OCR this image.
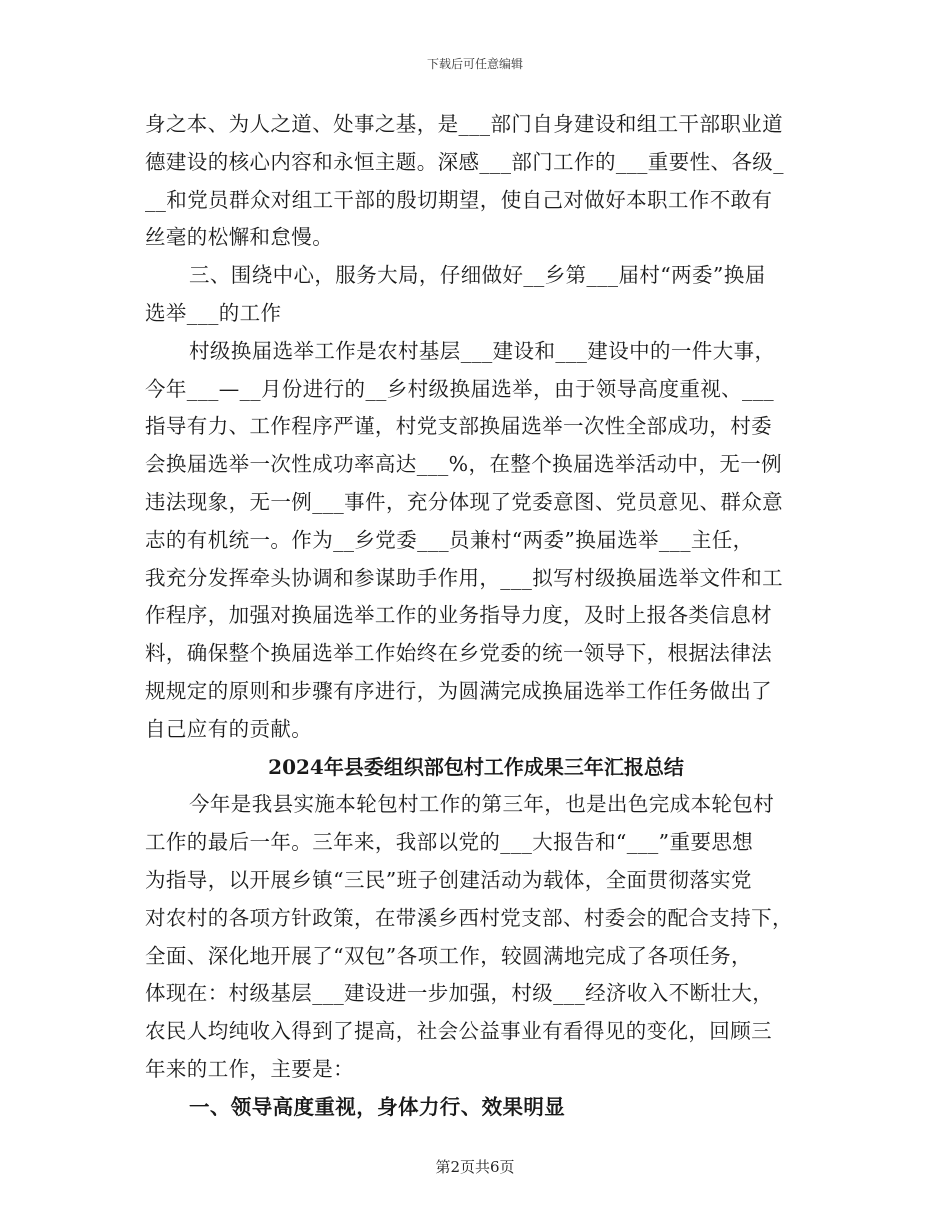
下载后可任意编辑
身之本、为人之道、处事之基，是___部门自身建设和组工干部职业道
德建设的核心内容和永恒主题。深感___部门工作的___重要性、各级_
__和党员群众对组工干部的殷切期望，使自己对做好本职工作不敢有
丝毫的松懈和怠慢。
三、围绕中心，服务大局，仔细做好__乡第___届村“两委”换届
选举___的工作
村级换届选举工作是农村基层___建设和___建设中的一件大事，
今年___—__月份进行的__乡村级换届选举，由于领导高度重视、___
指导有力、工作程序严谨，村党支部换届选举一次性全部成功，村委
会换届选举一次性成功率高达___%，在整个换届选举活动中，无一例
违法现象，无一例___事件，充分体现了党委意图、党员意见、群众意
志的有机统一。作为__乡党委___员兼村“两委”换届选举___主任，
我充分发挥牵头协调和参谋助手作用，___拟写村级换届选举文件和工
作程序，加强对换届选举工作的业务指导力度，及时上报各类信息材
料，确保整个换届选举工作始终在乡党委的统一领导下，根据法律法
规规定的原则和步骤有序进行，为圆满完成换届选举工作任务做出了
自己应有的贡献。
2024年县委组织部包村工作成果三年汇报总结
今年是我县实施本轮包村工作的第三年，也是出色完成本轮包村
工作的最后一年。三年来，我部以党的___大报告和“___”重要思想
为指导，以开展乡镇“三民”班子创建活动为载体，全面贯彻落实党
对农村的各项方针政策，在带溪乡西村党支部、村委会的配合支持下，
全面、深化地开展了“双包”各项工作，较圆满地完成了各项任务，
体现在：村级基层___建设进一步加强，村级___经济收入不断壮大，
农民人均纯收入得到了提高，社会公益事业有看得见的变化，回顾三
年来的工作，主要是：
一、领导高度重视，身体力行、效果明显
第2页共6页
